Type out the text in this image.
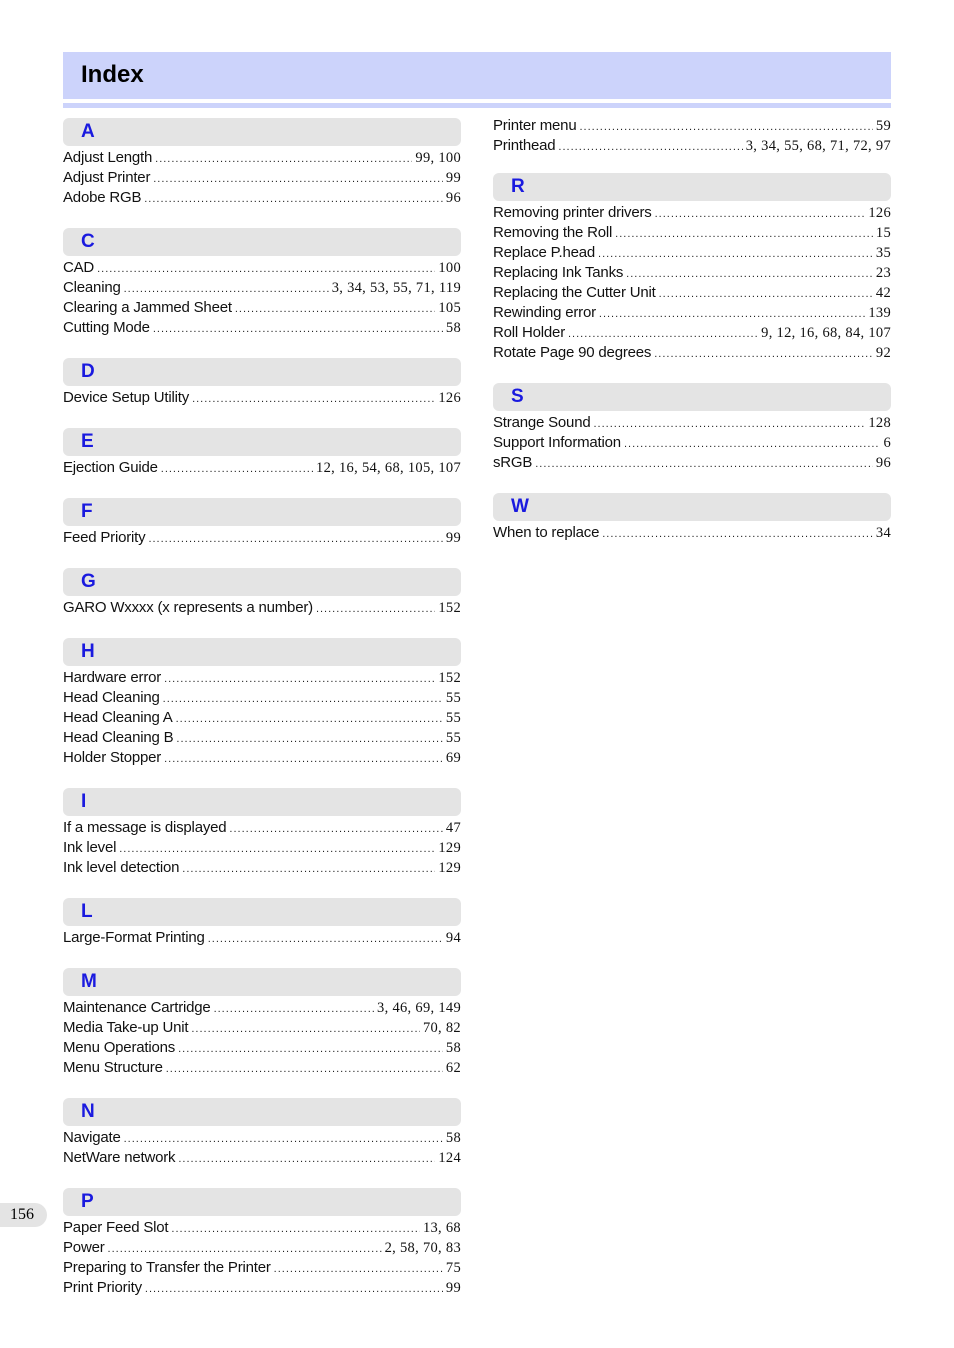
Index
A
Adjust Length .....	99, 100
Adjust Printer .....	99
Adobe RGB .....	96
C
CAD .....	100
Cleaning .....	3, 34, 53, 55, 71, 119
Clearing a Jammed Sheet .....	105
Cutting Mode .....	58
D
Device Setup Utility .....	126
E
Ejection Guide .....	12, 16, 54, 68, 105, 107
F
Feed Priority .....	99
G
GARO Wxxxx (x represents a number) .....	152
H
Hardware error .....	152
Head Cleaning .....	55
Head Cleaning A .....	55
Head Cleaning B .....	55
Holder Stopper .....	69
I
If a message is displayed .....	47
Ink level .....	129
Ink level detection .....	129
L
Large-Format Printing .....	94
M
Maintenance Cartridge .....	3, 46, 69, 149
Media Take-up Unit .....	70, 82
Menu Operations .....	58
Menu Structure .....	62
N
Navigate .....	58
NetWare network .....	124
P
Paper Feed Slot .....	13, 68
Power .....	2, 58, 70, 83
Preparing to Transfer the Printer .....	75
Print Priority .....	99
Printer menu .....	59
Printhead .....	3, 34, 55, 68, 71, 72, 97
R
Removing printer drivers .....	126
Removing the Roll .....	15
Replace P.head .....	35
Replacing Ink Tanks .....	23
Replacing the Cutter Unit .....	42
Rewinding error .....	139
Roll Holder .....	9, 12, 16, 68, 84, 107
Rotate Page 90 degrees .....	92
S
Strange Sound .....	128
Support Information .....	6
sRGB .....	96
W
When to replace .....	34
156
